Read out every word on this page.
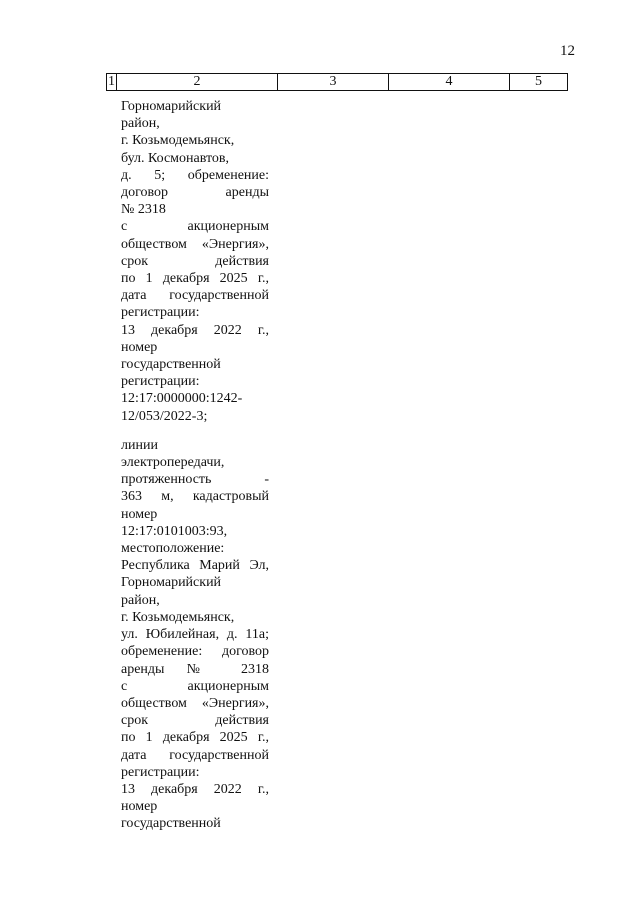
12
1	2	3	4	5
Горномарийский
район,
г. Козьмодемьянск,
бул. Космонавтов,
д. 5; обременение:
договор аренды
№ 2318
с акционерным
обществом «Энергия»,
срок действия
по 1 декабря 2025 г.,
дата государственной
регистрации:
13 декабря 2022 г.,
номер
государственной
регистрации:
12:17:0000000:1242-
12/053/2022-3;
линии
электропередачи,
протяженность -
363 м, кадастровый
номер
12:17:0101003:93,
местоположение:
Республика Марий Эл,
Горномарийский
район,
г. Козьмодемьянск,
ул. Юбилейная, д. 11а;
обременение: договор
аренды № 2318
с акционерным
обществом «Энергия»,
срок действия
по 1 декабря 2025 г.,
дата государственной
регистрации:
13 декабря 2022 г.,
номер
государственной
